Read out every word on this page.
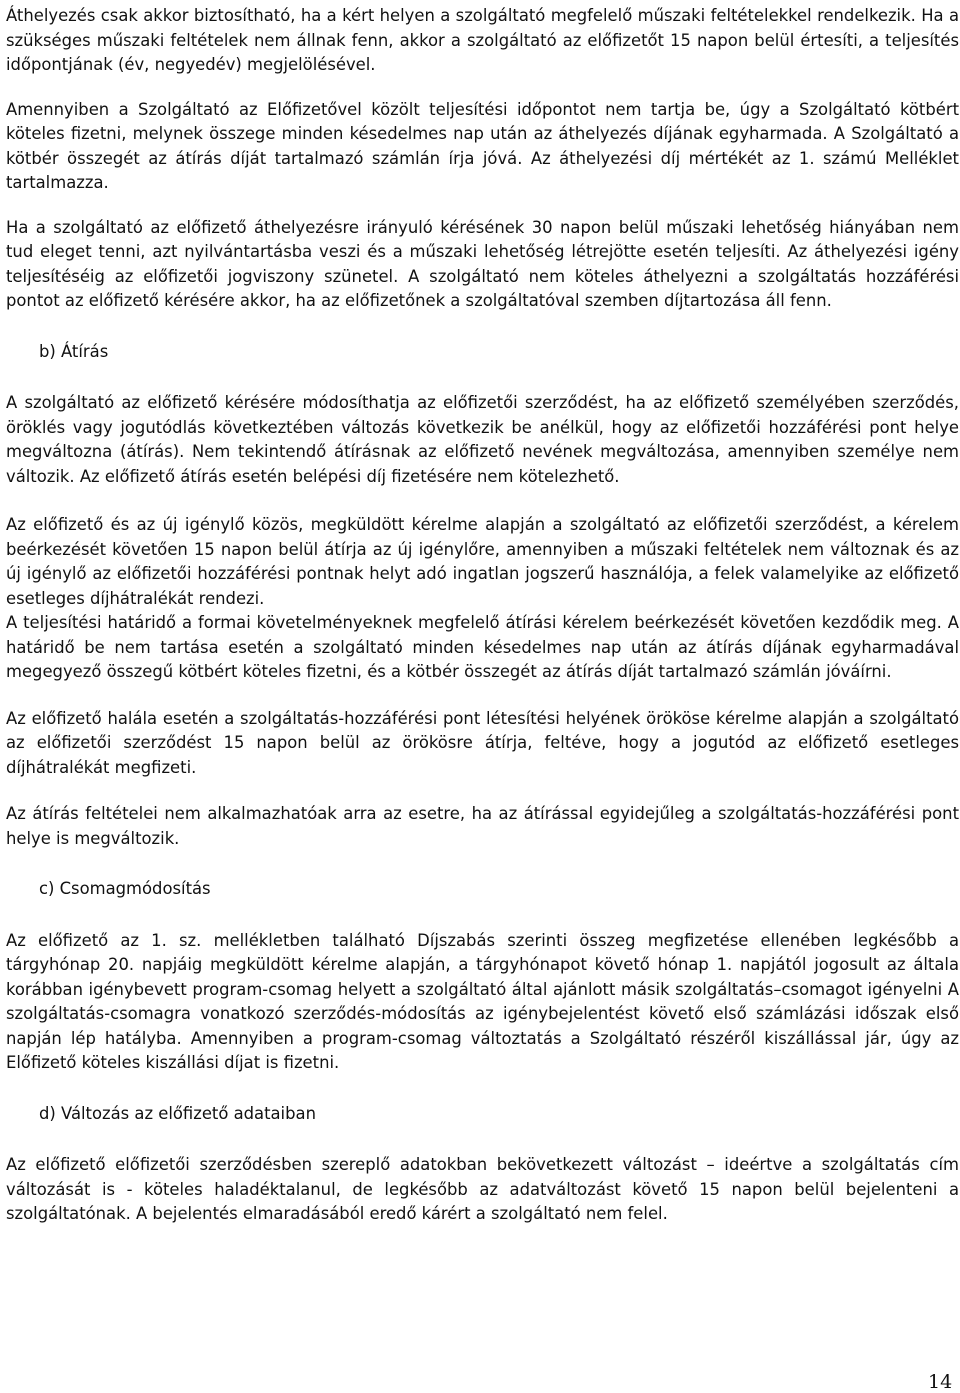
Áthelyezés csak akkor biztosítható, ha a kért helyen a szolgáltató megfelelő műszaki feltételekkel rendelkezik. Ha a szükséges műszaki feltételek nem állnak fenn, akkor a szolgáltató az előfizetőt 15 napon belül értesíti, a teljesítés időpontjának (év, negyedév) megjelölésével.

Amennyiben a Szolgáltató az Előfizetővel közölt teljesítési időpontot nem tartja be, úgy a Szolgáltató kötbért köteles fizetni, melynek összege minden késedelmes nap után az áthelyezés díjának egyharmada. A Szolgáltató a kötbér összegét az átírás díját tartalmazó számlán írja jóvá. Az áthelyezési díj mértékét az 1. számú Melléklet tartalmazza.

Ha a szolgáltató az előfizető áthelyezésre irányuló kérésének 30 napon belül műszaki lehetőség hiányában nem tud eleget tenni, azt nyilvántartásba veszi és a műszaki lehetőség létrejötte esetén teljesíti. Az áthelyezési igény teljesítéséig az előfizetői jogviszony szünetel. A szolgáltató nem köteles áthelyezni a szolgáltatás hozzáférési pontot az előfizető kérésére akkor, ha az előfizetőnek a szolgáltatóval szemben díjtartozása áll fenn.

b) Átírás

A szolgáltató az előfizető kérésére módosíthatja az előfizetői szerződést, ha az előfizető személyében szerződés, öröklés vagy jogutódlás következtében változás következik be anélkül, hogy az előfizetői hozzáférési pont helye megváltozna (átírás). Nem tekintendő átírásnak az előfizető nevének megváltozása, amennyiben személye nem változik. Az előfizető átírás esetén belépési díj fizetésére nem kötelezhető.

Az előfizető és az új igénylő közös, megküldött kérelme alapján a szolgáltató az előfizetői szerződést, a kérelem beérkezését követően 15 napon belül átírja az új igénylőre, amennyiben a műszaki feltételek nem változnak és az új igénylő az előfizetői hozzáférési pontnak helyt adó ingatlan jogszerű használója, a felek valamelyike az előfizető esetleges díjhátralékát rendezi.

A teljesítési határidő a formai követelményeknek megfelelő átírási kérelem beérkezését követően kezdődik meg. A határidő be nem tartása esetén a szolgáltató minden késedelmes nap után az átírás díjának egyharmadával megegyező összegű kötbért köteles fizetni, és a kötbér összegét az átírás díját tartalmazó számlán jóváírni.

Az előfizető halála esetén a szolgáltatás-hozzáférési pont létesítési helyének örököse kérelme alapján a szolgáltató az előfizetői szerződést 15 napon belül az örökösre átírja, feltéve, hogy a jogutód az előfizető esetleges díjhátralékát megfizeti.

Az átírás feltételei nem alkalmazhatóak arra az esetre, ha az átírással egyidejűleg a szolgáltatás-hozzáférési pont helye is megváltozik.

c) Csomagmódosítás

Az előfizető az 1. sz. mellékletben található Díjszabás szerinti összeg megfizetése ellenében legkésőbb a tárgyhónap 20. napjáig megküldött kérelme alapján, a tárgyhónapot követő hónap 1. napjától jogosult az általa korábban igénybevett program-csomag helyett a szolgáltató által ajánlott másik szolgáltatás–csomagot igényelni A szolgáltatás-csomagra vonatkozó szerződés-módosítás az igénybejelentést követő első számlázási időszak első napján lép hatályba. Amennyiben a program-csomag változtatás a Szolgáltató részéről kiszállással jár, úgy az Előfizető köteles kiszállási díjat is fizetni.

d) Változás az előfizető adataiban

Az előfizető előfizetői szerződésben szereplő adatokban bekövetkezett változást – ideértve a szolgáltatás cím változását is - köteles haladéktalanul, de legkésőbb az adatváltozást követő 15 napon belül bejelenteni a szolgáltatónak. A bejelentés elmaradásából eredő kárért a szolgáltató nem felel.

14
